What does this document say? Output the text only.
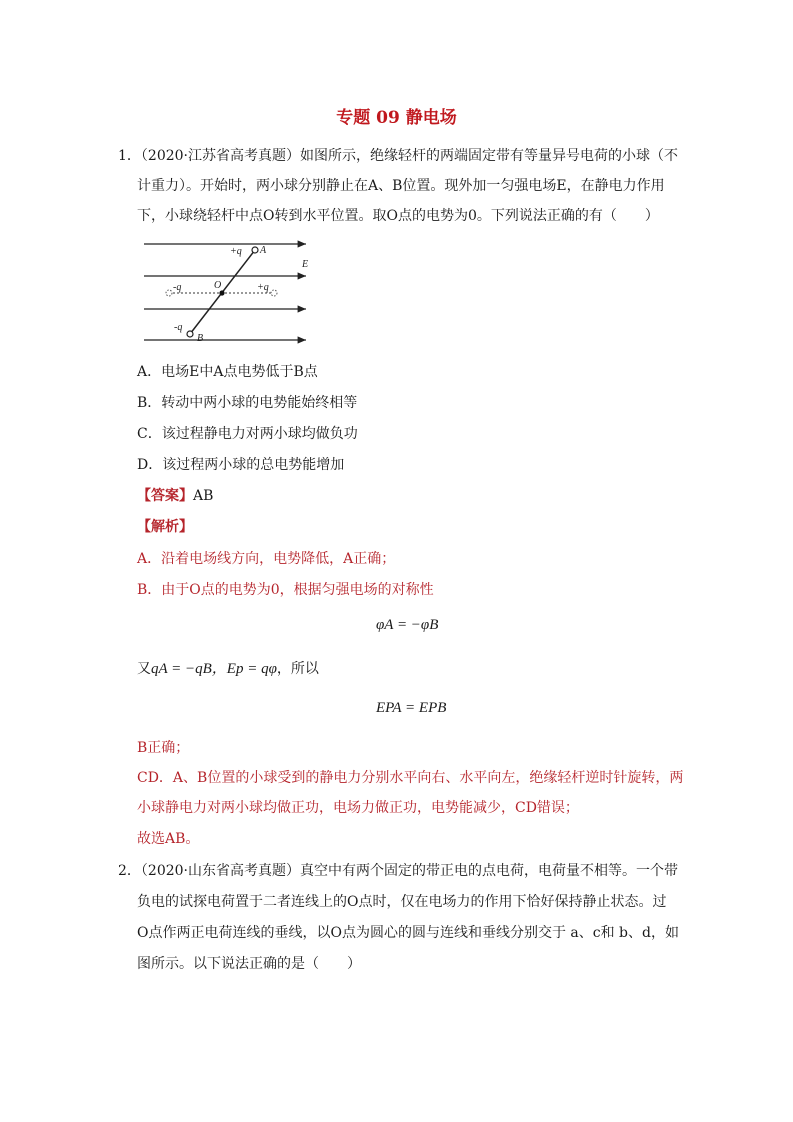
专题 09 静电场
1．（2020·江苏省高考真题）如图所示，绝缘轻杆的两端固定带有等量异号电荷的小球（不
计重力）。开始时，两小球分别静止在A、B位置。现外加一匀强电场E，在静电力作用
下，小球绕轻杆中点O转到水平位置。取O点的电势为0。下列说法正确的有（　　）
+q A
E
-q	O	+q
-q
B
A．电场E中A点电势低于B点
B．转动中两小球的电势能始终相等
C．该过程静电力对两小球均做负功
D．该过程两小球的总电势能增加
【答案】AB
【解析】
A．沿着电场线方向，电势降低，A正确；
B．由于O点的电势为0，根据匀强电场的对称性
φA = −φB
又qA = −qB，Ep = qφ，所以
EPA = EPB
B正确；
CD．A、B位置的小球受到的静电力分别水平向右、水平向左，绝缘轻杆逆时针旋转，两
小球静电力对两小球均做正功，电场力做正功，电势能减少，CD错误；
故选AB。
2．（2020·山东省高考真题）真空中有两个固定的带正电的点电荷，电荷量不相等。一个带
负电的试探电荷置于二者连线上的O点时，仅在电场力的作用下恰好保持静止状态。过
O点作两正电荷连线的垂线，以O点为圆心的圆与连线和垂线分别交于 a、c和 b、d，如
图所示。以下说法正确的是（　　）
